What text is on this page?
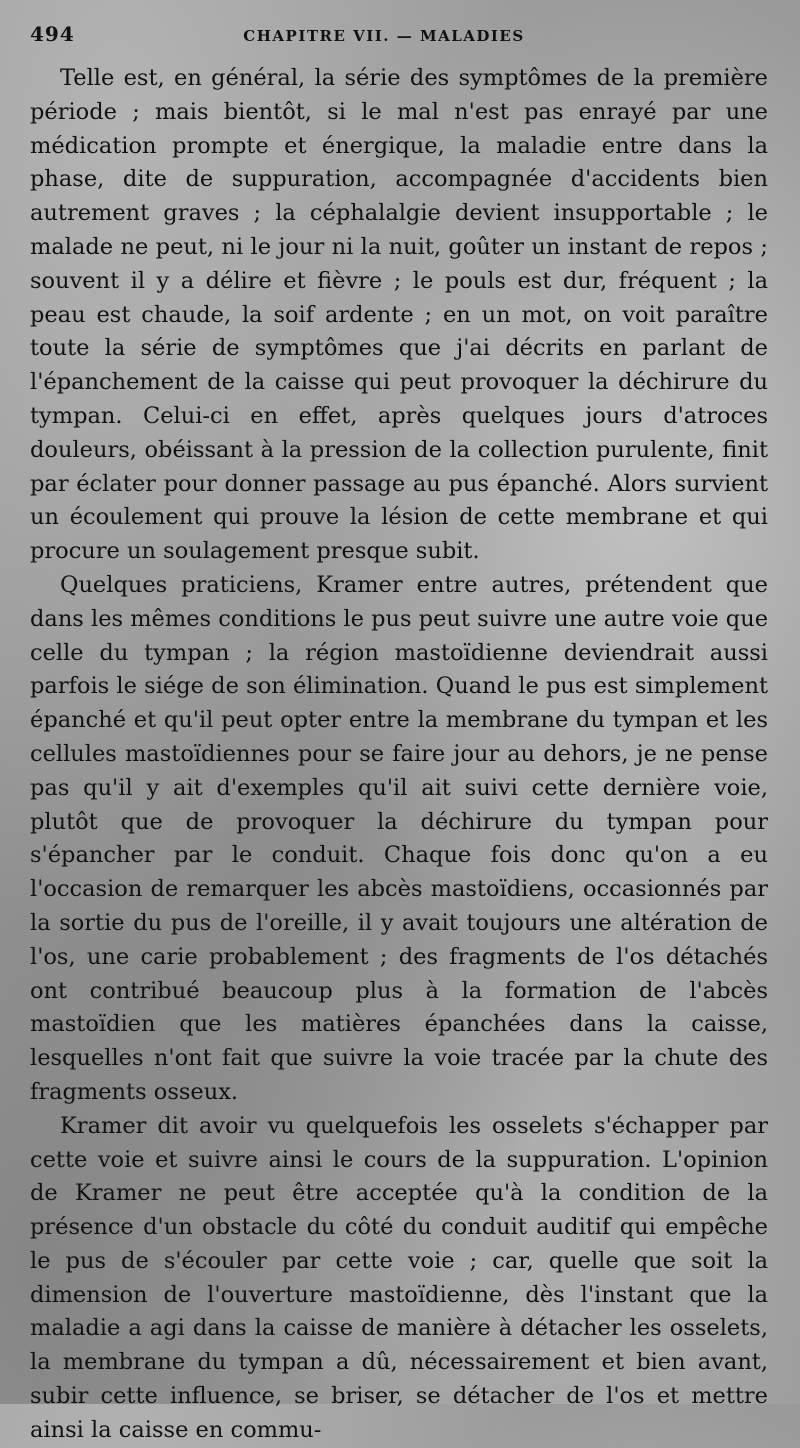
494	CHAPITRE VII. — MALADIES

Telle est, en général, la série des symptômes de la première période ; mais bientôt, si le mal n'est pas enrayé par une médication prompte et énergique, la maladie entre dans la phase, dite de suppuration, accompagnée d'accidents bien autrement graves ; la céphalalgie devient insupportable ; le malade ne peut, ni le jour ni la nuit, goûter un instant de repos ; souvent il y a délire et fièvre ; le pouls est dur, fréquent ; la peau est chaude, la soif ardente ; en un mot, on voit paraître toute la série de symptômes que j'ai décrits en parlant de l'épanchement de la caisse qui peut provoquer la déchirure du tympan. Celui-ci en effet, après quelques jours d'atroces douleurs, obéissant à la pression de la collection purulente, finit par éclater pour donner passage au pus épanché. Alors survient un écoulement qui prouve la lésion de cette membrane et qui procure un soulagement presque subit.

Quelques praticiens, Kramer entre autres, prétendent que dans les mêmes conditions le pus peut suivre une autre voie que celle du tympan ; la région mastoïdienne deviendrait aussi parfois le siége de son élimination. Quand le pus est simplement épanché et qu'il peut opter entre la membrane du tympan et les cellules mastoïdiennes pour se faire jour au dehors, je ne pense pas qu'il y ait d'exemples qu'il ait suivi cette dernière voie, plutôt que de provoquer la déchirure du tympan pour s'épancher par le conduit. Chaque fois donc qu'on a eu l'occasion de remarquer les abcès mastoïdiens, occasionnés par la sortie du pus de l'oreille, il y avait toujours une altération de l'os, une carie probablement ; des fragments de l'os détachés ont contribué beaucoup plus à la formation de l'abcès mastoïdien que les matières épanchées dans la caisse, lesquelles n'ont fait que suivre la voie tracée par la chute des fragments osseux.

Kramer dit avoir vu quelquefois les osselets s'échapper par cette voie et suivre ainsi le cours de la suppuration. L'opinion de Kramer ne peut être acceptée qu'à la condition de la présence d'un obstacle du côté du conduit auditif qui empêche le pus de s'écouler par cette voie ; car, quelle que soit la dimension de l'ouverture mastoïdienne, dès l'instant que la maladie a agi dans la caisse de manière à détacher les osselets, la membrane du tympan a dû, nécessairement et bien avant, subir cette influence, se briser, se détacher de l'os et mettre ainsi la caisse en commu-
